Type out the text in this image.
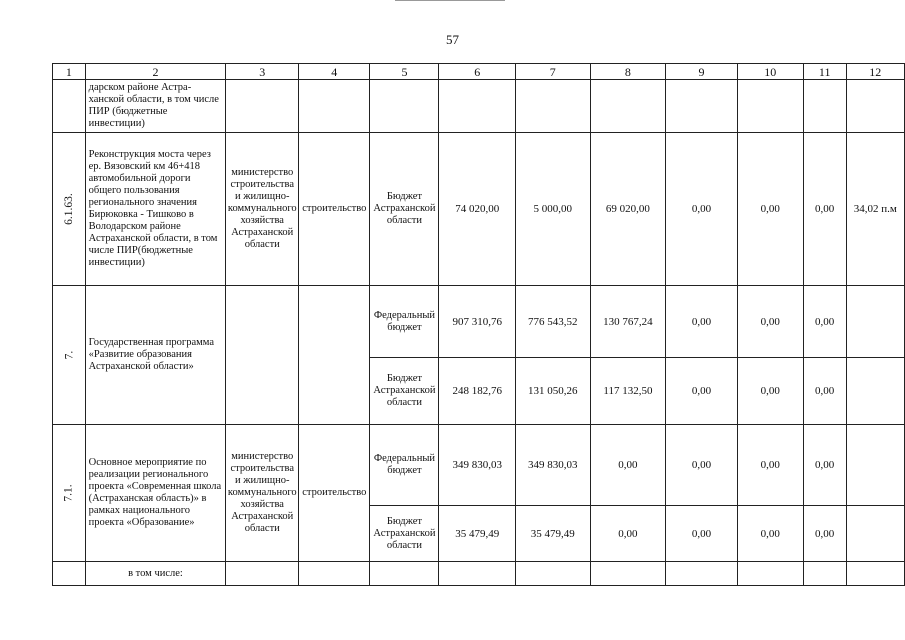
57
1	2	3	4	5	6	7	8	9	10	11	12
	дарском районе Астра-ханской области, в том числе ПИР (бюджетные инвестиции)										
6.1.63.	Реконструкция моста через ер. Вязовский км 46+418 автомобильной дороги общего пользования регионального значения Бирюковка - Тишково в Володарском районе Астраханской области, в том числе ПИР(бюджетные инвестиции)	министерство строительства и жилищно-коммунального хозяйства Астраханской области	строительство	Бюджет Астраханской области	74 020,00	5 000,00	69 020,00	0,00	0,00	0,00	34,02 п.м
7.	Государственная программа «Развитие образования Астраханской области»			Федеральный бюджет	907 310,76	776 543,52	130 767,24	0,00	0,00	0,00	
				Бюджет Астраханской области	248 182,76	131 050,26	117 132,50	0,00	0,00	0,00	
7.1.	Основное мероприятие по реализации регионального проекта «Современная школа (Астраханская область)» в рамках национального проекта «Образование»	министерство строительства и жилищно-коммунального хозяйства Астраханской области	строительство	Федеральный бюджет	349 830,03	349 830,03	0,00	0,00	0,00	0,00	
				Бюджет Астраханской области	35 479,49	35 479,49	0,00	0,00	0,00	0,00	
	в том числе:										
